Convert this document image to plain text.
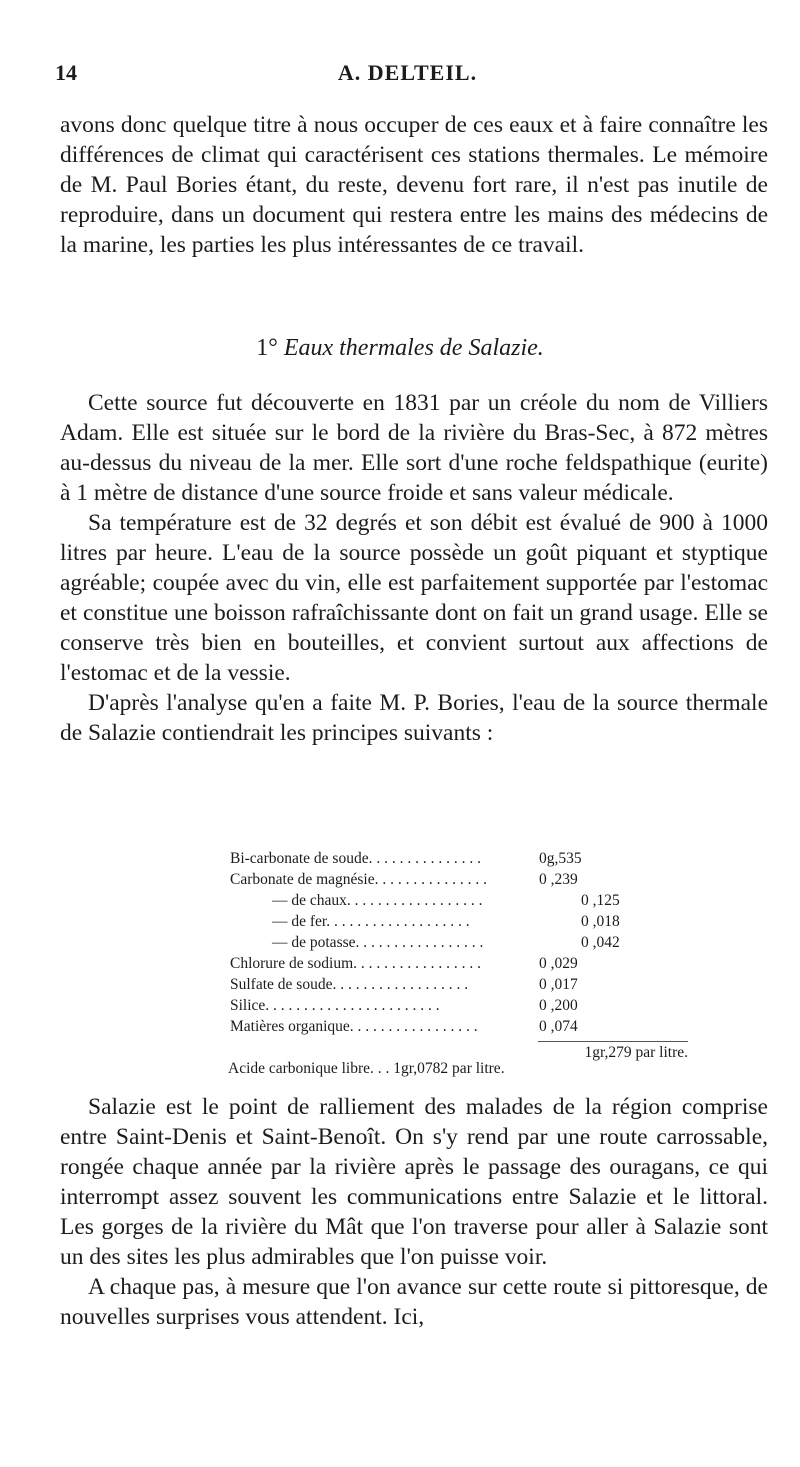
14	A. DELTEIL.

avons donc quelque titre à nous occuper de ces eaux et à faire connaître les différences de climat qui caractérisent ces stations thermales. Le mémoire de M. Paul Bories étant, du reste, devenu fort rare, il n'est pas inutile de reproduire, dans un document qui restera entre les mains des médecins de la marine, les parties les plus intéressantes de ce travail.

1° Eaux thermales de Salazie.

Cette source fut découverte en 1831 par un créole du nom de Villiers Adam. Elle est située sur le bord de la rivière du Bras-Sec, à 872 mètres au-dessus du niveau de la mer. Elle sort d'une roche feldspathique (eurite) à 1 mètre de distance d'une source froide et sans valeur médicale.

Sa température est de 32 degrés et son débit est évalué de 900 à 1000 litres par heure. L'eau de la source possède un goût piquant et styptique agréable; coupée avec du vin, elle est parfaitement supportée par l'estomac et constitue une boisson rafraîchissante dont on fait un grand usage. Elle se conserve très bien en bouteilles, et convient surtout aux affections de l'estomac et de la vessie.

D'après l'analyse qu'en a faite M. P. Bories, l'eau de la source thermale de Salazie contiendrait les principes suivants :

Bi-carbonate de soude. . . . . . . . . . . . . . .	0g,535
Carbonate de magnésie. . . . . . . . . . . . . . .	0 ,239
— de chaux. . . . . . . . . . . . . . . . . .	0 ,125
— de fer. . . . . . . . . . . . . . . . . . .	0 ,018
— de potasse. . . . . . . . . . . . . . . . .	0 ,042
Chlorure de sodium. . . . . . . . . . . . . . . . .	0 ,029
Sulfate de soude. . . . . . . . . . . . . . . . . .	0 ,017
Silice. . . . . . . . . . . . . . . . . . . . . . .	0 ,200
Matières organique. . . . . . . . . . . . . . . . .	0 ,074
1gr,279 par litre.
Acide carbonique libre. . . 1gr,0782 par litre.

Salazie est le point de ralliement des malades de la région comprise entre Saint-Denis et Saint-Benoît. On s'y rend par une route carrossable, rongée chaque année par la rivière après le passage des ouragans, ce qui interrompt assez souvent les communications entre Salazie et le littoral. Les gorges de la rivière du Mât que l'on traverse pour aller à Salazie sont un des sites les plus admirables que l'on puisse voir.

A chaque pas, à mesure que l'on avance sur cette route si pittoresque, de nouvelles surprises vous attendent. Ici,
